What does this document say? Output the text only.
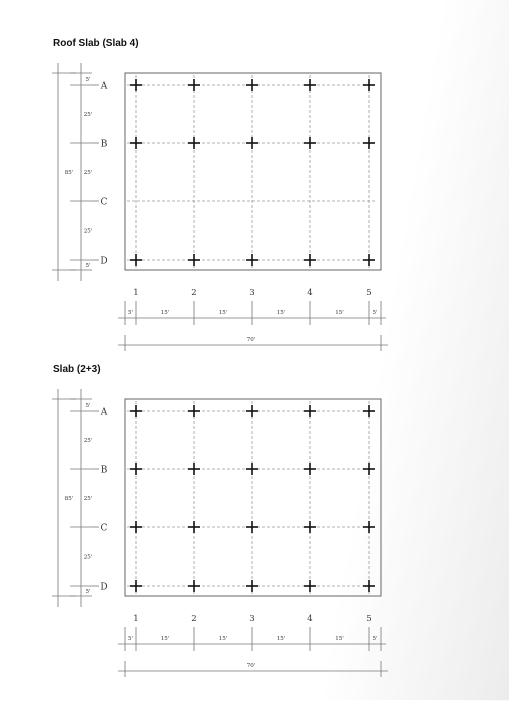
Roof Slab (Slab 4)
A
B
C
D
85'
5'
25'
25'
25'
5'
1	2	3	4	5
5'	15'	15'	15'	15'	5'
70'
Slab (2+3)
A
B
C
D
85'
5'
25'
25'
25'
5'
1	2	3	4	5
5'	15'	15'	15'	15'	5'
70'
